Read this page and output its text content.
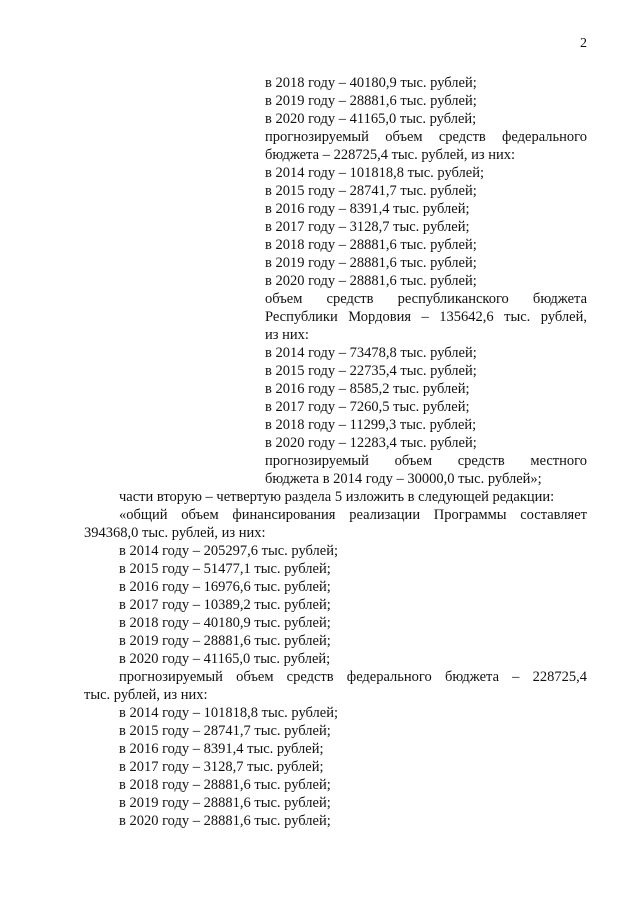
2
в 2018 году – 40180,9 тыс. рублей;
в 2019 году – 28881,6 тыс. рублей;
в 2020 году – 41165,0 тыс. рублей;
прогнозируемый объем средств федерального
бюджета – 228725,4 тыс. рублей, из них:
в 2014 году – 101818,8 тыс. рублей;
в 2015 году – 28741,7 тыс. рублей;
в 2016 году – 8391,4 тыс. рублей;
в 2017 году – 3128,7 тыс. рублей;
в 2018 году – 28881,6 тыс. рублей;
в 2019 году – 28881,6 тыс. рублей;
в 2020 году – 28881,6 тыс. рублей;
объем средств республиканского бюджета
Республики Мордовия – 135642,6 тыс. рублей,
из них:
в 2014 году – 73478,8 тыс. рублей;
в 2015 году – 22735,4 тыс. рублей;
в 2016 году – 8585,2 тыс. рублей;
в 2017 году – 7260,5 тыс. рублей;
в 2018 году – 11299,3 тыс. рублей;
в 2020 году – 12283,4 тыс. рублей;
прогнозируемый объем средств местного
бюджета в 2014 году – 30000,0 тыс. рублей»;
части вторую – четвертую раздела 5 изложить в следующей редакции:
«общий объем финансирования реализации Программы составляет
394368,0 тыс. рублей, из них:
в 2014 году – 205297,6 тыс. рублей;
в 2015 году – 51477,1 тыс. рублей;
в 2016 году – 16976,6 тыс. рублей;
в 2017 году – 10389,2 тыс. рублей;
в 2018 году – 40180,9 тыс. рублей;
в 2019 году – 28881,6 тыс. рублей;
в 2020 году – 41165,0 тыс. рублей;
прогнозируемый объем средств федерального бюджета – 228725,4
тыс. рублей, из них:
в 2014 году – 101818,8 тыс. рублей;
в 2015 году – 28741,7 тыс. рублей;
в 2016 году – 8391,4 тыс. рублей;
в 2017 году – 3128,7 тыс. рублей;
в 2018 году – 28881,6 тыс. рублей;
в 2019 году – 28881,6 тыс. рублей;
в 2020 году – 28881,6 тыс. рублей;
